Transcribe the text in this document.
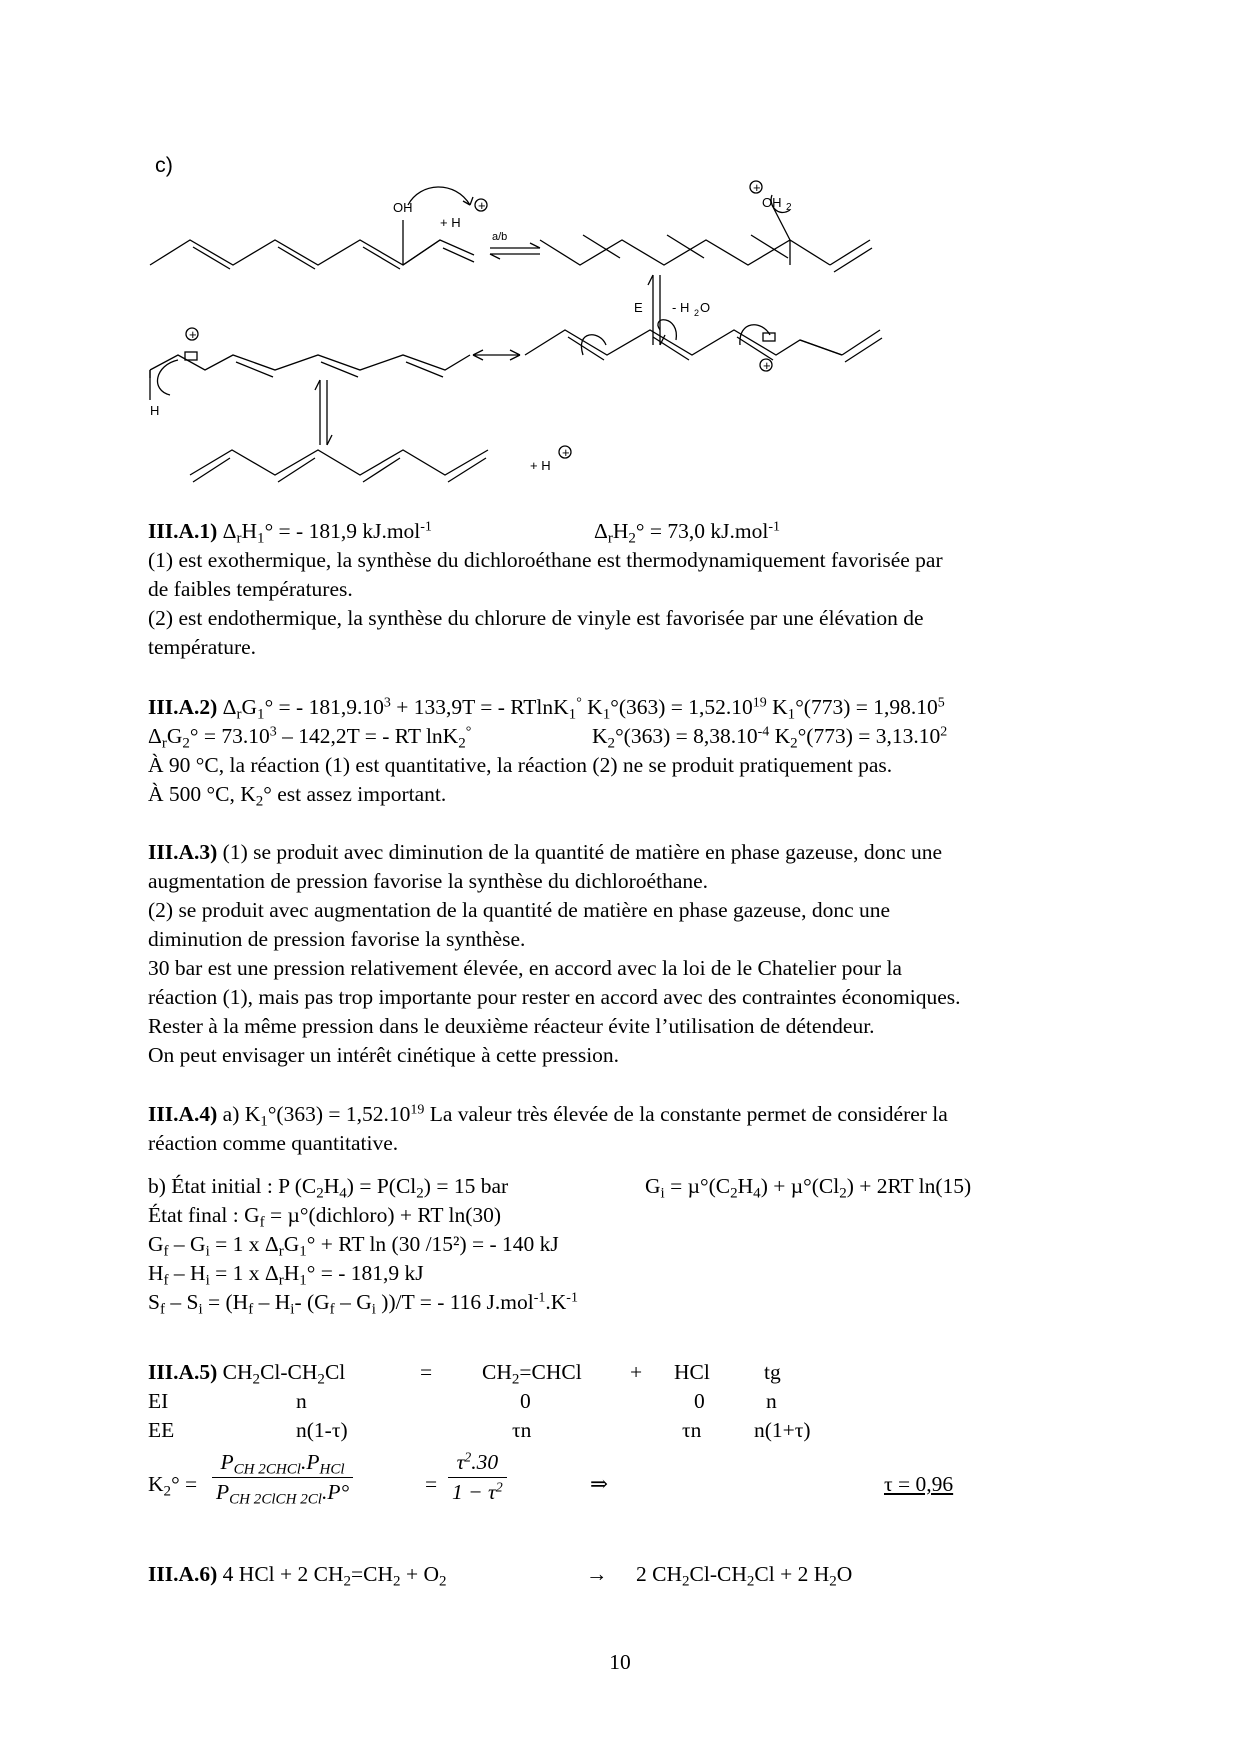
+
+
+
+
+
OH
+ H
a/b
OH 2
E - H 2 O
H
+ H
c)
III.A.1) $\Delta_rH_1^\circ$ = - 181,9 kJ.mol$^{-1}$	$\Delta_rH_2^\circ = 73,0$ kJ.mol$^{-1}$

(1) est exothermique, la synthèse du dichloroéthane est thermodynamiquement favorisée par

de faibles températures.

(2) est endothermique, la synthèse du chlorure de vinyle est favorisée par une élévation de

température.

III.A.2) $\Delta_rG_1^\circ$ = - $181,9.10^3 + 133,9T$ = - RTlnK$_1$° $K_1^\circ(363) = 1,52.10^{19}$ $K_1^\circ(773) = 1,98.10^5$
$\Delta_rG_2^\circ = 73.10^3 - 142,2T$ = - RT lnK$_2$°	$K_2^\circ(363) = 8,38.10^{-4}$ $K_2^\circ(773) = 3,13.10^2$
À 90 °C, la réaction (1) est quantitative, la réaction (2) ne se produit pratiquement pas.
À 500 °C, $K_2^\circ$ est assez important.

III.A.3) (1) se produit avec diminution de la quantité de matière en phase gazeuse, donc une

augmentation de pression favorise la synthèse du dichloroéthane.

(2) se produit avec augmentation de la quantité de matière en phase gazeuse, donc une

diminution de pression favorise la synthèse.

30 bar est une pression relativement élevée, en accord avec la loi de le Chatelier pour la

réaction (1), mais pas trop importante pour rester en accord avec des contraintes économiques.

Rester à la même pression dans le deuxième réacteur évite l’utilisation de détendeur.

On peut envisager un intérêt cinétique à cette pression.

III.A.4) a) $K_1^\circ(363) = 1,52.10^{19}$ La valeur très élevée de la constante permet de considérer la

réaction comme quantitative.

b) État initial : P $(C_2H_4) = P(Cl_2) = 15$ bar	$G_i = \mu^\circ(C_2H_4) + \mu^\circ(Cl_2) + 2RT$ ln(15)
État final : $G_f$ = µ°(dichloro) + RT ln(30)
$G_f - G_i = 1$ x $\Delta_rG_1^\circ$ + RT ln (30 /15²) = - 140 kJ
$H_f - H_i = 1$ x $\Delta_rH_1^\circ$ = - 181,9 kJ
$S_f - S_i = (H_f - H_i-$ ($G_f - G_i$ ))/T = - 116 $J.mol^{-1}.K^{-1}$
III.A.5) $CH_2Cl-CH_2Cl$	= $CH_2=CHCl$ + HCl	tg
EI	n	0	0	n
EE	n(1-τ)	τn	τn n(1+τ)
$K_2^\circ = \frac{P_{CH 2CHCl}.P_{HCl}}{P_{CH 2ClCH 2Cl}.P^\circ}$	= $\frac{\tau^2.30}{1 - \tau^2}$	⇒	τ = 0,96
III.A.6) 4 HCl + 2 $CH_2=CH_2 + O_2$	→ 2 $CH_2Cl-CH_2Cl + 2$ $H_2O$
10
